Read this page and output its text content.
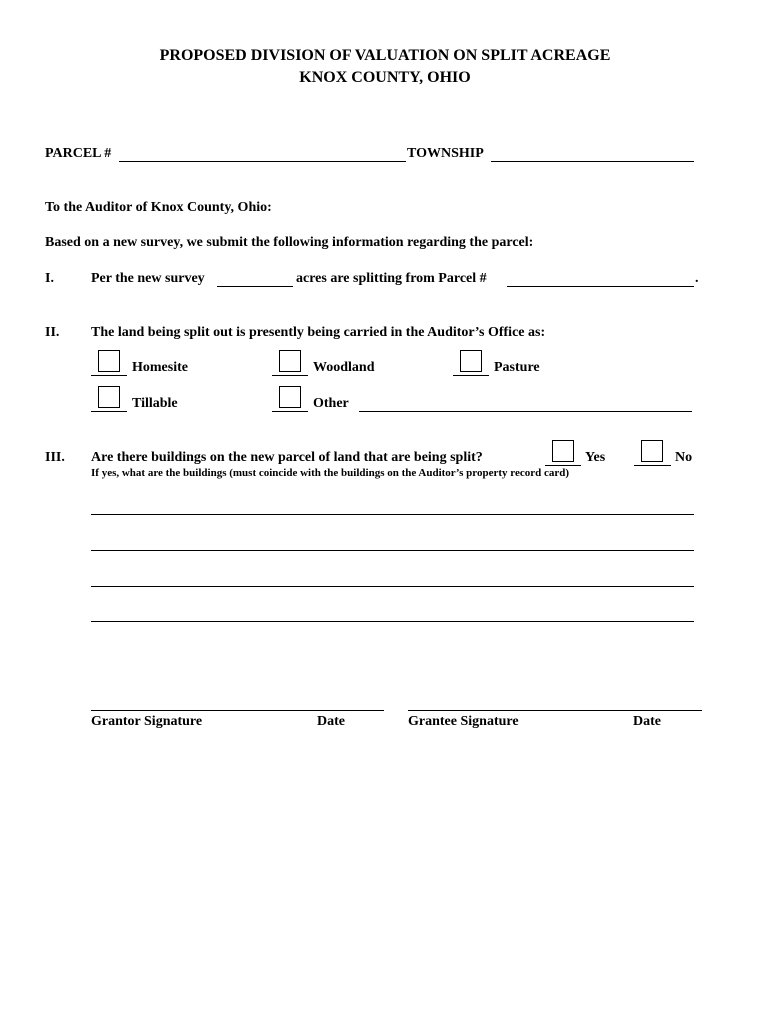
PROPOSED DIVISION OF VALUATION ON SPLIT ACREAGE
KNOX COUNTY, OHIO
PARCEL #	TOWNSHIP
To the Auditor of Knox County, Ohio:
Based on a new survey, we submit the following information regarding the parcel:
I.	Per the new survey	acres are splitting from Parcel #	.
II. The land being split out is presently being carried in the Auditor’s Office as:
Homesite	Woodland	Pasture
Tillable	Other
III. Are there buildings on the new parcel of land that are being split?	Yes	No
If yes, what are the buildings (must coincide with the buildings on the Auditor’s property record card)
Grantor Signature	Date	Grantee Signature	Date
